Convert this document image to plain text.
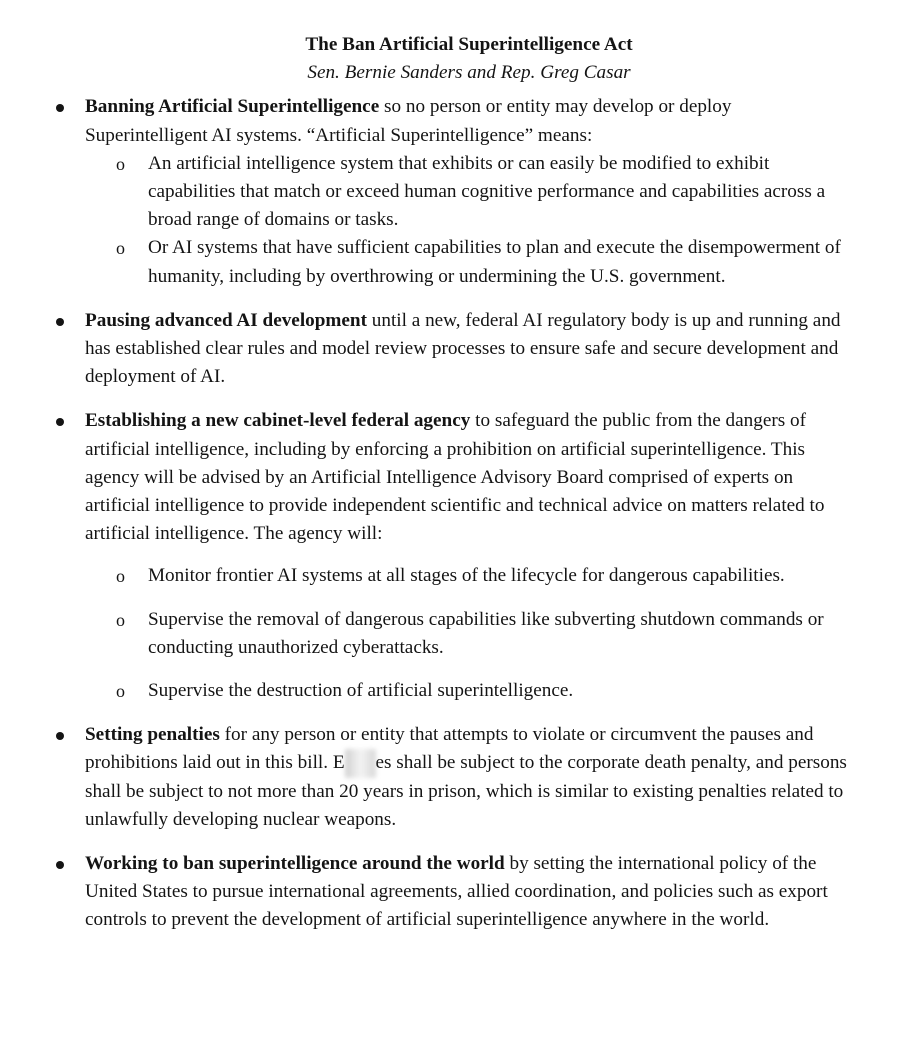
The Ban Artificial Superintelligence Act
Sen. Bernie Sanders and Rep. Greg Casar
Banning Artificial Superintelligence so no person or entity may develop or deploy Superintelligent AI systems. “Artificial Superintelligence” means:
o An artificial intelligence system that exhibits or can easily be modified to exhibit capabilities that match or exceed human cognitive performance and capabilities across a broad range of domains or tasks.
o Or AI systems that have sufficient capabilities to plan and execute the disempowerment of humanity, including by overthrowing or undermining the U.S. government.
Pausing advanced AI development until a new, federal AI regulatory body is up and running and has established clear rules and model review processes to ensure safe and secure development and deployment of AI.
Establishing a new cabinet-level federal agency to safeguard the public from the dangers of artificial intelligence, including by enforcing a prohibition on artificial superintelligence. This agency will be advised by an Artificial Intelligence Advisory Board comprised of experts on artificial intelligence to provide independent scientific and technical advice on matters related to artificial intelligence. The agency will:
o Monitor frontier AI systems at all stages of the lifecycle for dangerous capabilities.
o Supervise the removal of dangerous capabilities like subverting shutdown commands or conducting unauthorized cyberattacks.
o Supervise the destruction of artificial superintelligence.
Setting penalties for any person or entity that attempts to violate or circumvent the pauses and prohibitions laid out in this bill. E es shall be subject to the corporate death penalty, and persons shall be subject to not more than 20 years in prison, which is similar to existing penalties related to unlawfully developing nuclear weapons.
Working to ban superintelligence around the world by setting the international policy of the United States to pursue international agreements, allied coordination, and policies such as export controls to prevent the development of artificial superintelligence anywhere in the world.
